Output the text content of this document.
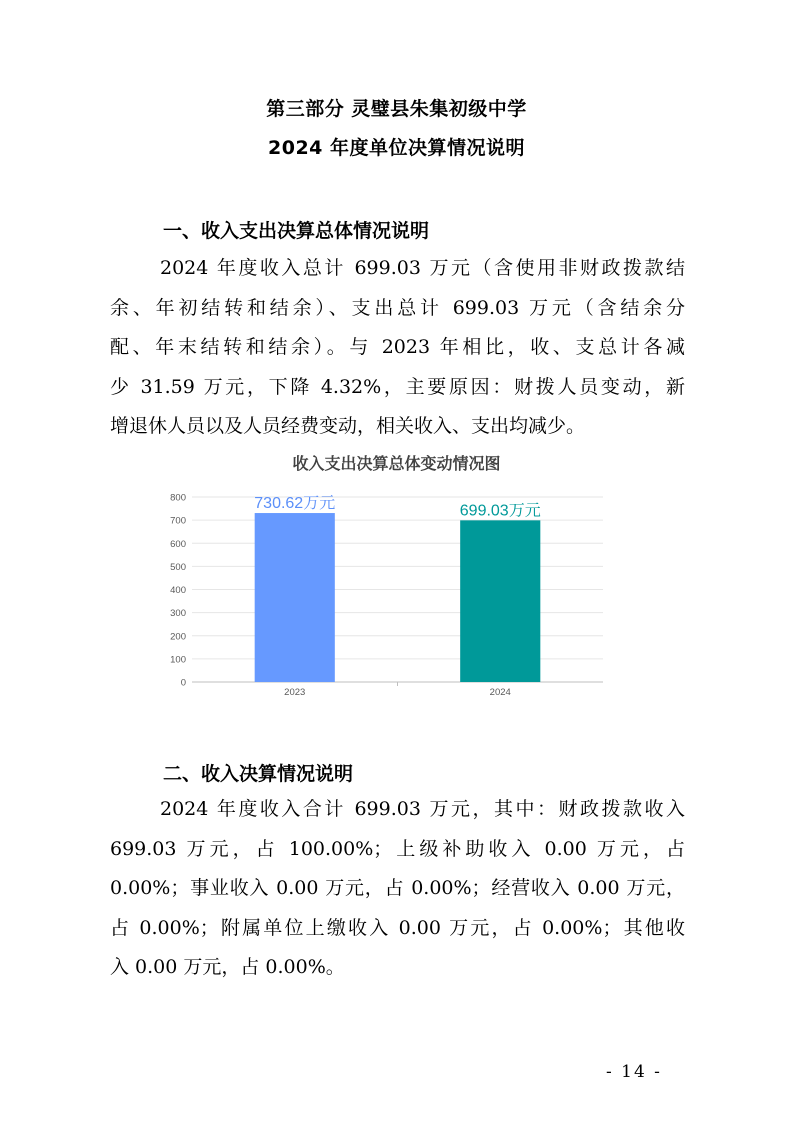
第三部分 灵璧县朱集初级中学
2024 年度单位决算情况说明
一、收入支出决算总体情况说明
2024 年度收入总计 699.03 万元（含使用非财政拨款结
余、年初结转和结余）、支出总计 699.03 万元（含结余分
配、年末结转和结余）。与 2023 年相比，收、支总计各减
少 31.59 万元，下降 4.32%，主要原因：财拨人员变动，新
增退休人员以及人员经费变动，相关收入、支出均减少。
收入支出决算总体变动情况图
0
100
200
300
400
500
600
700
800	730.62万元
2023
699.03万元
2024
二、收入决算情况说明
2024 年度收入合计 699.03 万元，其中：财政拨款收入
699.03 万元，占 100.00%；上级补助收入 0.00 万元，占
0.00%；事业收入 0.00 万元，占 0.00%；经营收入 0.00 万元，
占 0.00%；附属单位上缴收入 0.00 万元，占 0.00%；其他收
入 0.00 万元，占 0.00%。
- 14 -
